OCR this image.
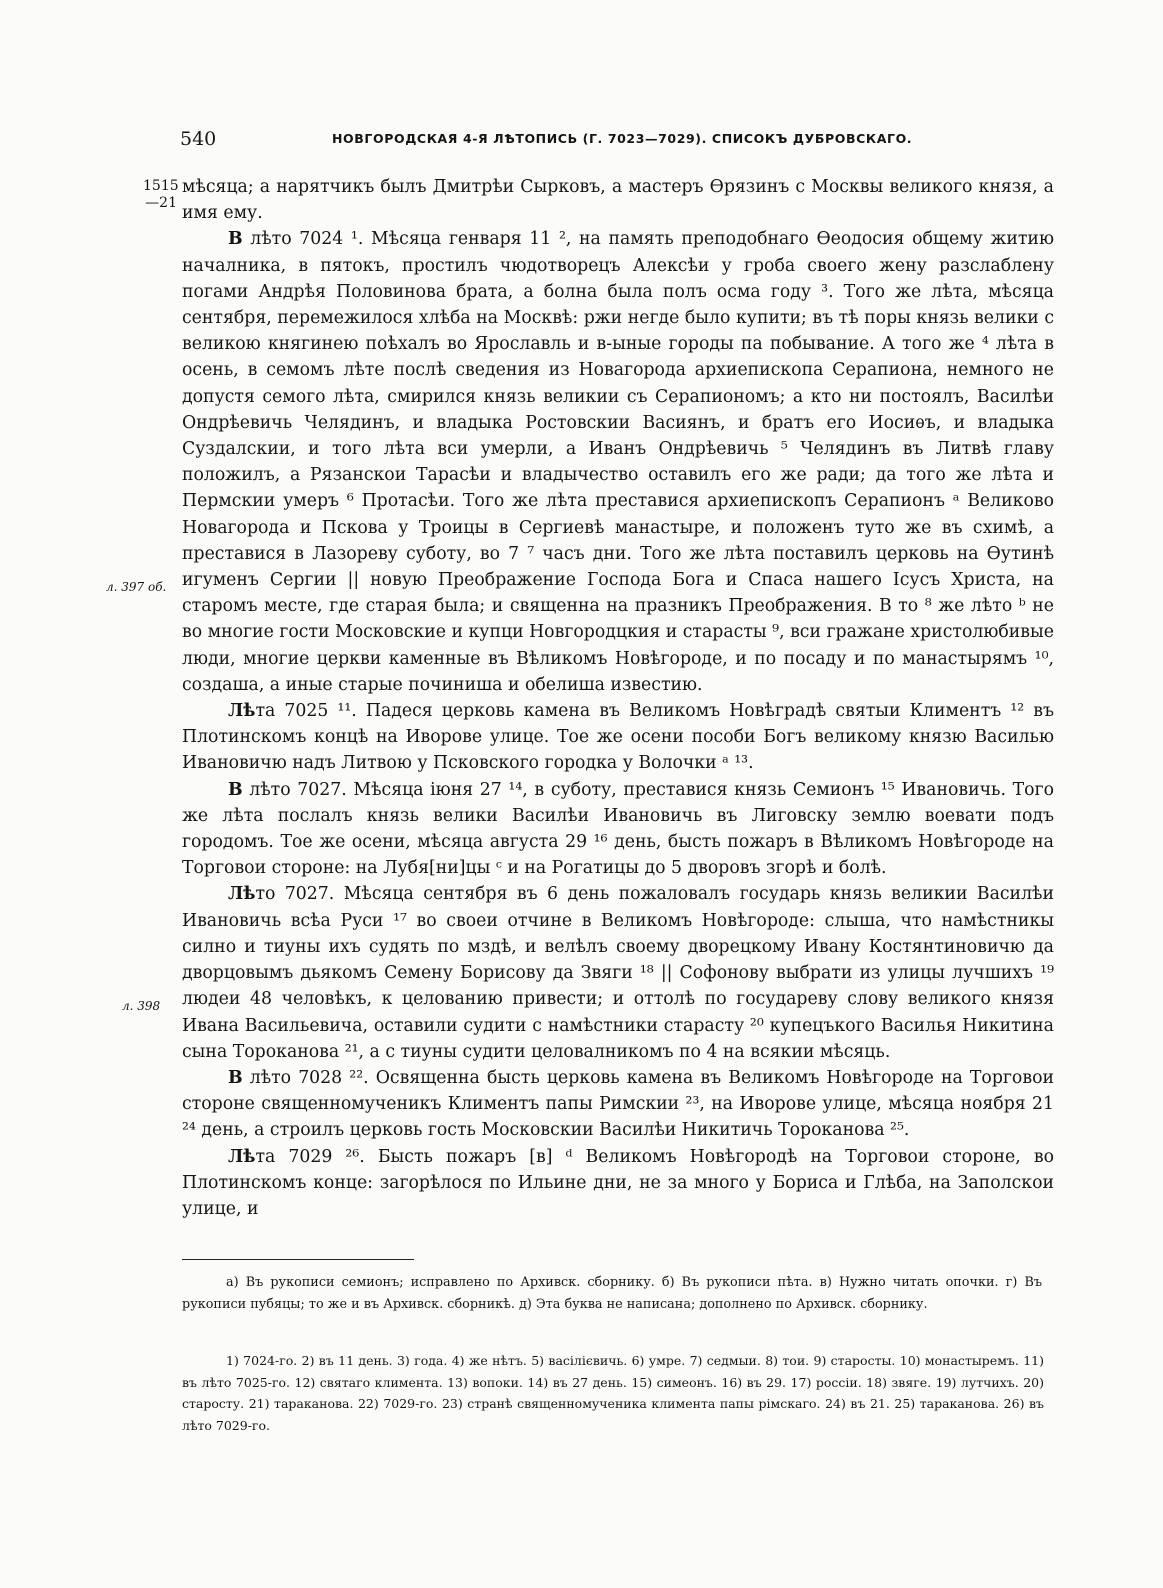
540	НОВГОРОДСКАЯ 4-Я ЛѢТОПИСЬ (Г. 7023—7029). СПИСОКЪ ДУБРОВСКАГО.
1515 —21
л. 397 об.
л. 398

мѣсяца; а нарятчикъ былъ Дмитрѣи Сырковъ, а мастеръ Ѳрязинъ с Москвы великого князя, а имя ему.

В лѣто 7024 ¹. Мѣсяца генваря 11 ², на память преподобнаго Ѳеодосия общему житию началника, в пятокъ, простилъ чюдотворецъ Алексѣи у гроба своего жену разслаблену погами Андрѣя Половинова брата, а болна была полъ осма году ³. Того же лѣта, мѣсяца сентября, перемежилося хлѣба на Москвѣ: ржи негде было купити; въ тѣ поры князь велики с великою княгинею поѣхалъ во Ярославль и в-ыные городы па побывание. А того же ⁴ лѣта в осень, в семомъ лѣте послѣ сведения из Новагорода архиепископа Серапиона, немного не допустя семого лѣта, смирился князь великии съ Серапиономъ; а кто ни постоялъ, Василѣи Ондрѣевичь Челядинъ, и владыка Ростовскии Васиянъ, и братъ его Иосиѳъ, и владыка Суздалскии, и того лѣта вси умерли, а Иванъ Ондрѣевичь ⁵ Челядинъ въ Литвѣ главу положилъ, а Рязанскои Тарасѣи и владычество оставилъ его же ради; да того же лѣта и Пермскии умеръ ⁶ Протасѣи. Того же лѣта преставися архиепископъ Серапионъ ᵃ Великово Новагорода и Пскова у Троицы в Сергиевѣ манастыре, и положенъ туто же въ схимѣ, а преставися в Лазореву суботу, во 7 ⁷ часъ дни. Того же лѣта поставилъ церковь на Ѳутинѣ игуменъ Сергии || новую Преображение Господа Бога и Спаса нашего Ісусъ Христа, на старомъ месте, где старая была; и священна на празникъ Преображения. В то ⁸ же лѣто ᵇ не во многие гости Московские и купци Новгородцкия и старасты ⁹, вси гражане христолюбивые люди, многие церкви каменные въ Вѣликомъ Новѣгороде, и по посаду и по манастырямъ ¹⁰, создаша, а иные старые починиша и обелиша известию.

Лѣта 7025 ¹¹. Падеся церковь камена въ Великомъ Новѣградѣ святыи Климентъ ¹² въ Плотинскомъ концѣ на Иворове улице. Тое же осени пособи Богъ великому князю Василью Ивановичю надъ Литвою у Псковского городка у Волочки ᵃ ¹³.

В лѣто 7027. Мѣсяца іюня 27 ¹⁴, в суботу, преставися князь Семионъ ¹⁵ Ивановичь. Того же лѣта послалъ князь велики Василѣи Ивановичь въ Лиговску землю воевати подъ городомъ. Тое же осени, мѣсяца августа 29 ¹⁶ день, бысть пожаръ в Вѣликомъ Новѣгороде на Торговои стороне: на Лубя[ни]цы ᶜ и на Рогатицы до 5 дворовъ згорѣ и болѣ.

Лѣто 7027. Мѣсяца сентября въ 6 день пожаловалъ государь князь великии Василѣи Ивановичь всѣа Руси ¹⁷ во своеи отчине в Великомъ Новѣгороде: слыша, что намѣстникы силно и тиуны ихъ судять по мздѣ, и велѣлъ своему дворецкому Ивану Костянтиновичю да дворцовымъ дьякомъ Семену Борисову да Звяги ¹⁸ || Софонову выбрати из улицы лучшихъ ¹⁹ людеи 48 человѣкъ, к целованию привести; и оттолѣ по государеву слову великого князя Ивана Васильевича, оставили судити с намѣстники старасту ²⁰ купецъкого Василья Никитина сына Тороканова ²¹, а с тиуны судити целовалникомъ по 4 на всякии мѣсяць.

В лѣто 7028 ²². Освященна бысть церковь камена въ Великомъ Новѣгороде на Торговои стороне священномученикъ Климентъ папы Римскии ²³, на Иворове улице, мѣсяца ноября 21 ²⁴ день, а строилъ церковь гость Московскии Василѣи Никитичь Тороканова ²⁵.

Лѣта 7029 ²⁶. Бысть пожаръ [в] ᵈ Великомъ Новѣгородѣ на Торговои стороне, во Плотинскомъ конце: загорѣлося по Ильине дни, не за много у Бориса и Глѣба, на Заполскои улице, и

а) Въ рукописи семионъ; исправлено по Архивск. сборнику. б) Въ рукописи пѣта. в) Нужно читать опочки. г) Въ рукописи пубяцы; то же и въ Архивск. сборникѣ. д) Эта буква не написана; дополнено по Архивск. сборнику.

1) 7024-го. 2) въ 11 день. 3) года. 4) же нѣтъ. 5) васілієвичь. 6) умре. 7) седмыи. 8) тои. 9) старосты. 10) монастыремъ. 11) въ лѣто 7025-го. 12) святаго климента. 13) вопоки. 14) въ 27 день. 15) симеонъ. 16) въ 29. 17) россіи. 18) звяге. 19) лутчихъ. 20) старосту. 21) тараканова. 22) 7029-го. 23) странѣ священномученика климента папы рімскаго. 24) въ 21. 25) тараканова. 26) въ лѣто 7029-го.
